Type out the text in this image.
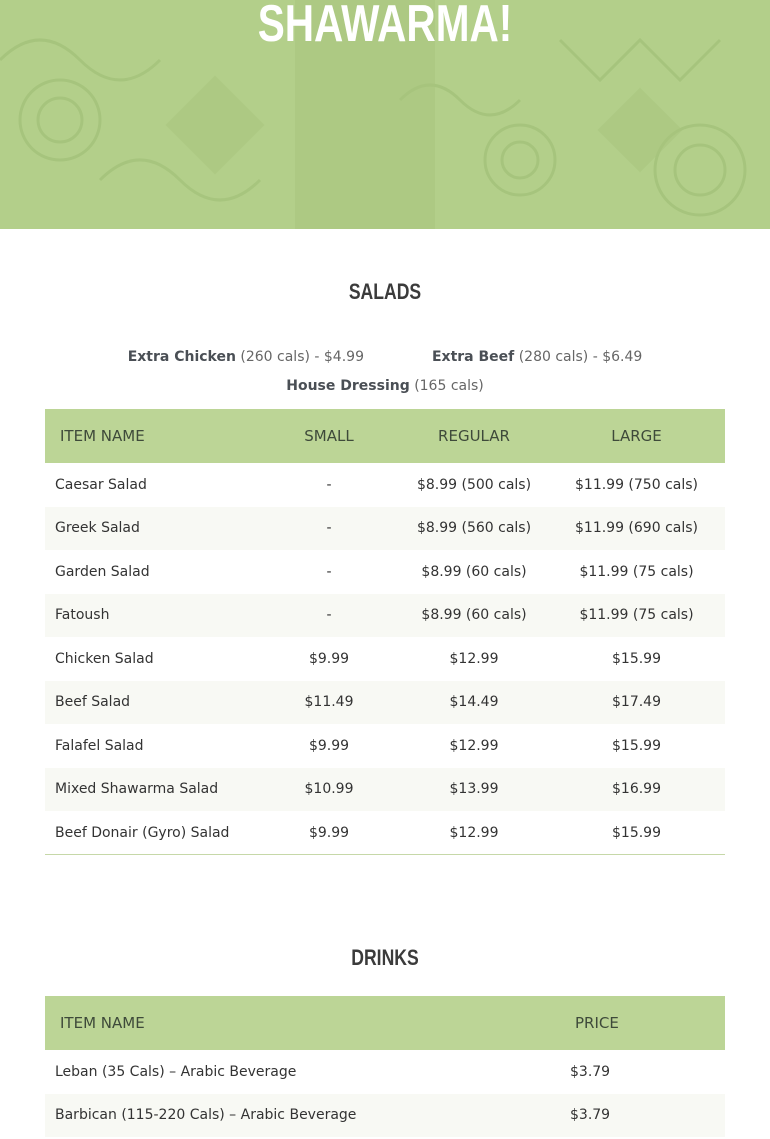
SHAWARMA!
SALADS
Extra Chicken (260 cals) - $4.99	Extra Beef (280 cals) - $6.49
House Dressing (165 cals)
ITEM NAME	SMALL	REGULAR	LARGE
Caesar Salad	-	$8.99 (500 cals)	$11.99 (750 cals)
Greek Salad	-	$8.99 (560 cals)	$11.99 (690 cals)
Garden Salad	-	$8.99 (60 cals)	$11.99 (75 cals)
Fatoush	-	$8.99 (60 cals)	$11.99 (75 cals)
Chicken Salad	$9.99	$12.99	$15.99
Beef Salad	$11.49	$14.49	$17.49
Falafel Salad	$9.99	$12.99	$15.99
Mixed Shawarma Salad	$10.99	$13.99	$16.99
Beef Donair (Gyro) Salad	$9.99	$12.99	$15.99
DRINKS
ITEM NAME	PRICE
Leban (35 Cals) – Arabic Beverage	$3.79
Barbican (115-220 Cals) – Arabic Beverage	$3.79
